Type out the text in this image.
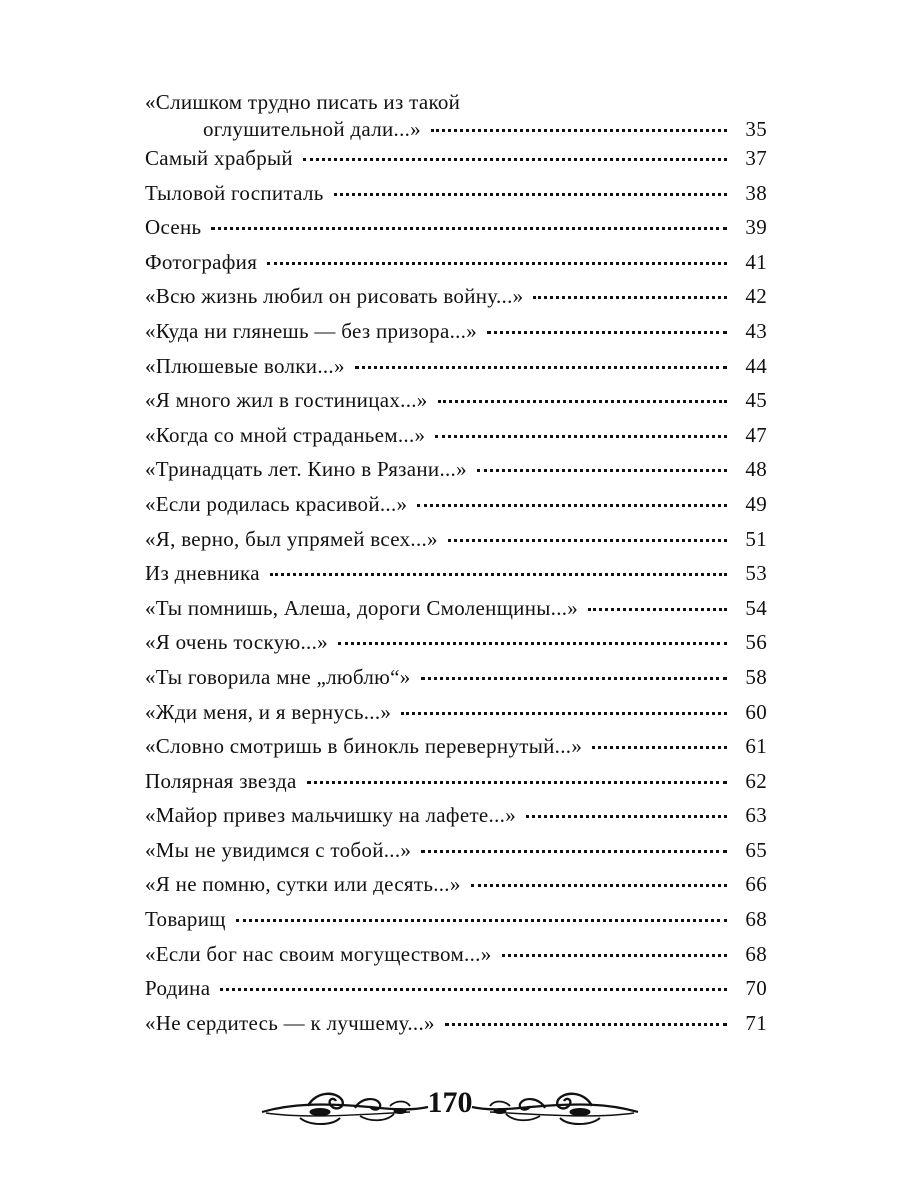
«Слишком трудно писать из такой
оглушительной дали...»	35
Самый храбрый	37
Тыловой госпиталь	38
Осень	39
Фотография	41
«Всю жизнь любил он рисовать войну...»	42
«Куда ни глянешь — без призора...»	43
«Плюшевые волки...»	44
«Я много жил в гостиницах...»	45
«Когда со мной страданьем...»	47
«Тринадцать лет. Кино в Рязани...»	48
«Если родилась красивой...»	49
«Я, верно, был упрямей всех...»	51
Из дневника	53
«Ты помнишь, Алеша, дороги Смоленщины...»	54
«Я очень тоскую...»	56
«Ты говорила мне „люблю“»	58
«Жди меня, и я вернусь...»	60
«Словно смотришь в бинокль перевернутый...»	61
Полярная звезда	62
«Майор привез мальчишку на лафете...»	63
«Мы не увидимся с тобой...»	65
«Я не помню, сутки или десять...»	66
Товарищ	68
«Если бог нас своим могуществом...»	68
Родина	70
«Не сердитесь — к лучшему...»	71
170
